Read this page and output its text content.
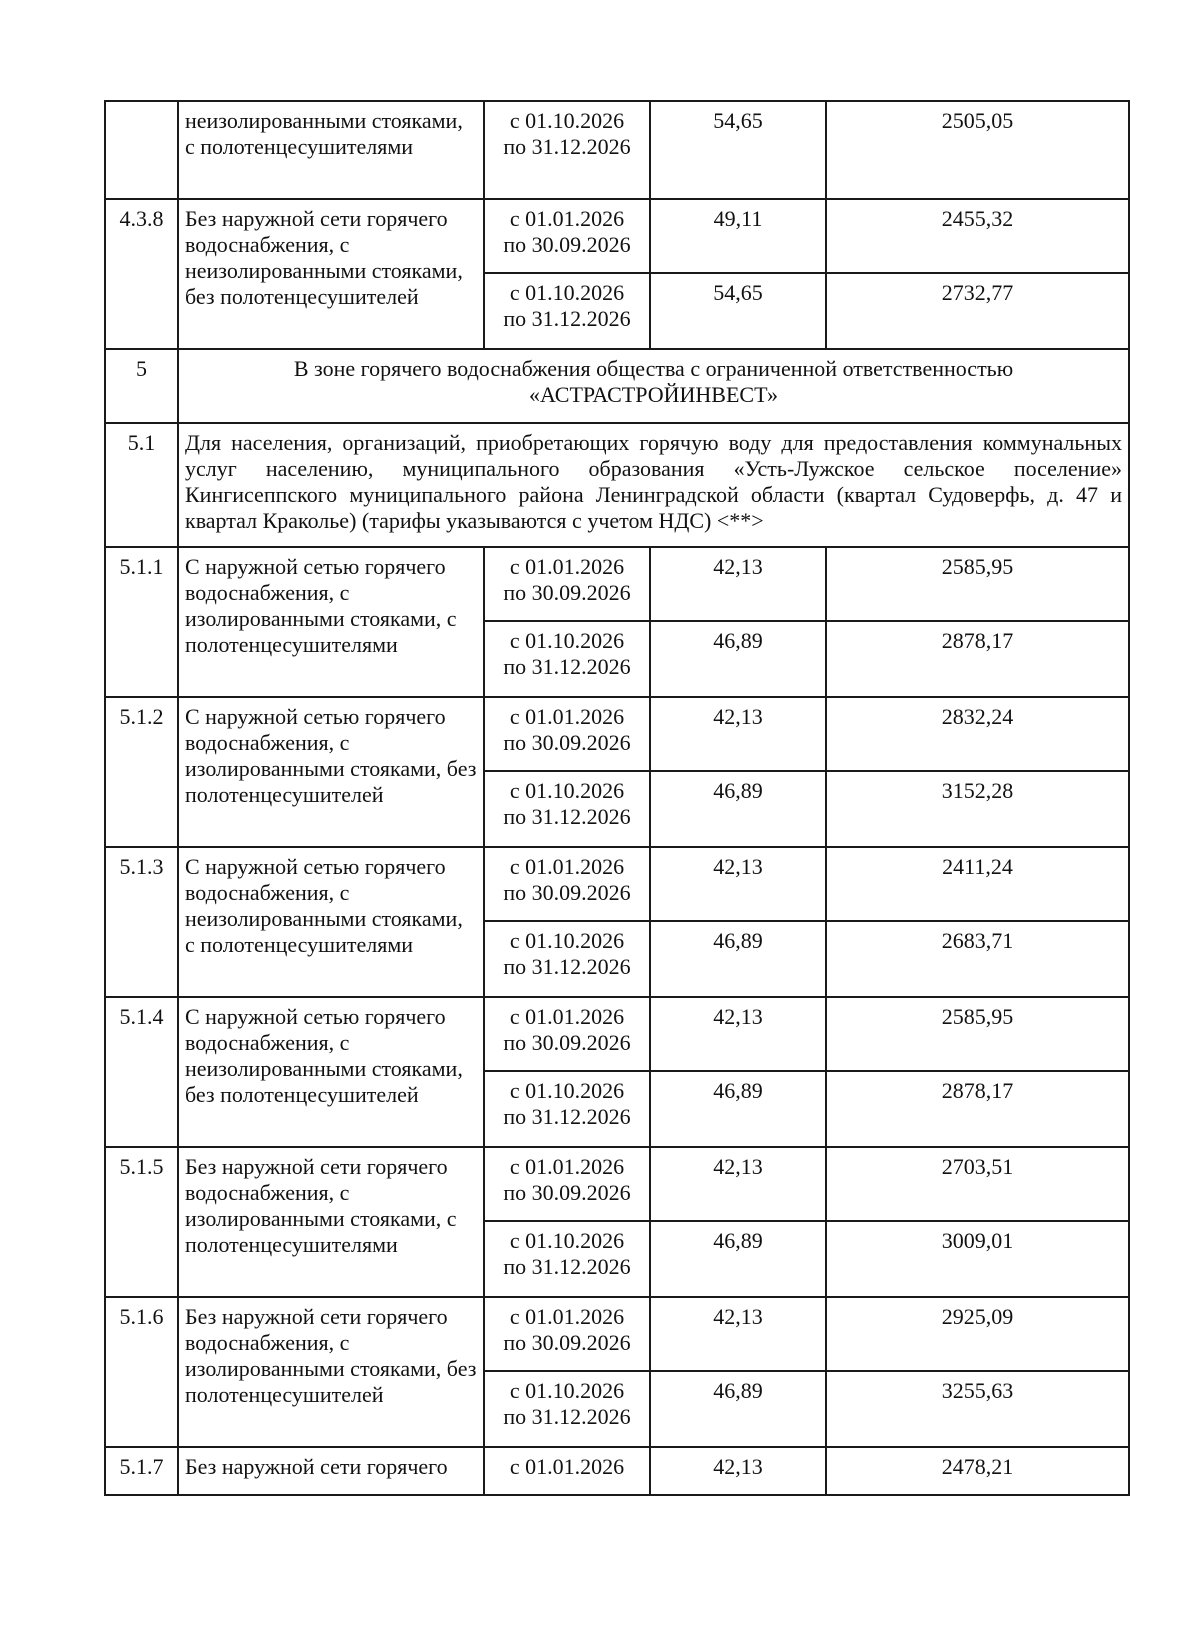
	неизолированными стояками, с полотенцесушителями	с 01.10.2026
по 31.12.2026	54,65	2505,05
4.3.8	Без наружной сети горячего водоснабжения, с неизолированными стояками, без полотенцесушителей	с 01.01.2026
по 30.09.2026	49,11	2455,32

		с 01.10.2026
по 31.12.2026	54,65	2732,77
5	В зоне горячего водоснабжения общества с ограниченной ответственностью «АСТРАСТРОЙИНВЕСТ»			
5.1	Для населения, организаций, приобретающих горячую воду для предоставления коммунальных услуг населению, муниципального образования «Усть-Лужское сельское поселение» Кингисеппского муниципального района Ленинградской области (квартал Судоверфь, д. 47 и квартал Краколье) (тарифы указываются с учетом НДС) <**>			
5.1.1	С наружной сетью горячего водоснабжения, с изолированными стояками, с полотенцесушителями	с 01.01.2026
по 30.09.2026	42,13	2585,95

		с 01.10.2026
по 31.12.2026	46,89	2878,17
5.1.2	С наружной сетью горячего водоснабжения, с изолированными стояками, без полотенцесушителей	с 01.01.2026
по 30.09.2026	42,13	2832,24

		с 01.10.2026
по 31.12.2026	46,89	3152,28
5.1.3	С наружной сетью горячего водоснабжения, с неизолированными стояками, с полотенцесушителями	с 01.01.2026
по 30.09.2026	42,13	2411,24

		с 01.10.2026
по 31.12.2026	46,89	2683,71
5.1.4	С наружной сетью горячего водоснабжения, с неизолированными стояками, без полотенцесушителей	с 01.01.2026
по 30.09.2026	42,13	2585,95

		с 01.10.2026
по 31.12.2026	46,89	2878,17
5.1.5	Без наружной сети горячего водоснабжения, с изолированными стояками, с полотенцесушителями	с 01.01.2026
по 30.09.2026	42,13	2703,51

		с 01.10.2026
по 31.12.2026	46,89	3009,01
5.1.6	Без наружной сети горячего водоснабжения, с изолированными стояками, без полотенцесушителей	с 01.01.2026
по 30.09.2026	42,13	2925,09

		с 01.10.2026
по 31.12.2026	46,89	3255,63
5.1.7	Без наружной сети горячего	с 01.01.2026	42,13	2478,21
